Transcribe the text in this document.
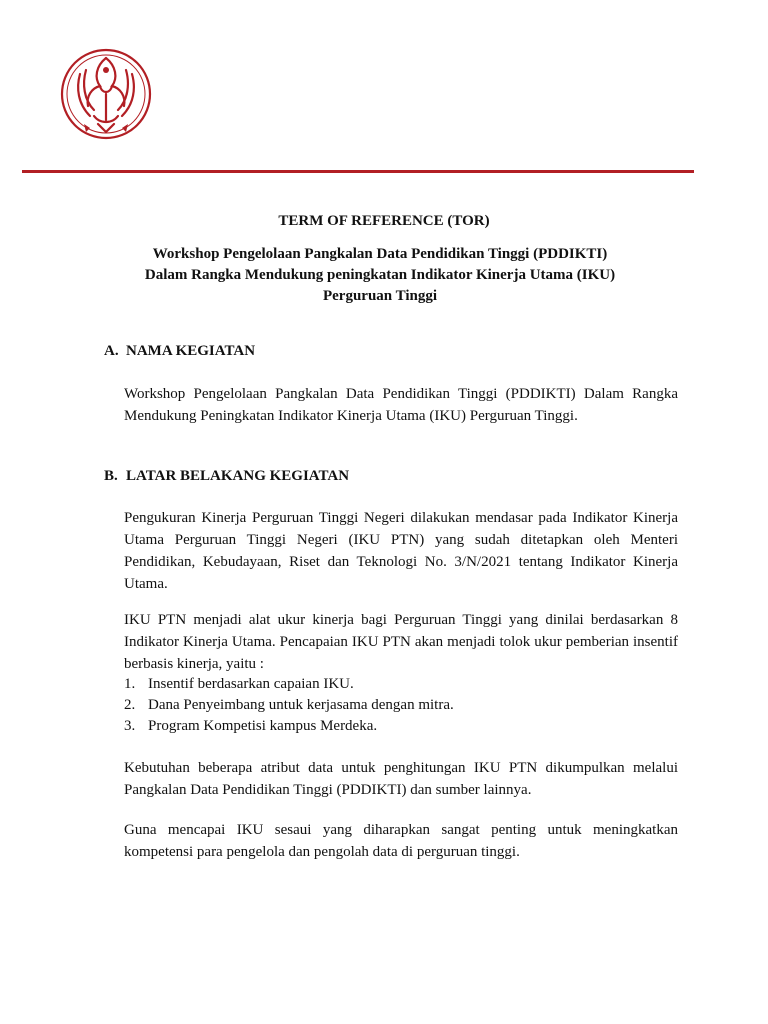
TERM OF REFERENCE (TOR)
Workshop Pengelolaan Pangkalan Data Pendidikan Tinggi (PDDIKTI)
Dalam Rangka Mendukung peningkatan Indikator Kinerja Utama (IKU)
Perguruan Tinggi
A. NAMA KEGIATAN

Workshop Pengelolaan Pangkalan Data Pendidikan Tinggi (PDDIKTI) Dalam Rangka Mendukung Peningkatan Indikator Kinerja Utama (IKU) Perguruan Tinggi.

B. LATAR BELAKANG KEGIATAN

Pengukuran Kinerja Perguruan Tinggi Negeri dilakukan mendasar pada Indikator Kinerja Utama Perguruan Tinggi Negeri (IKU PTN) yang sudah ditetapkan oleh Menteri Pendidikan, Kebudayaan, Riset dan Teknologi No. 3/N/2021 tentang Indikator Kinerja Utama.

IKU PTN menjadi alat ukur kinerja bagi Perguruan Tinggi yang dinilai berdasarkan 8 Indikator Kinerja Utama. Pencapaian IKU PTN akan menjadi tolok ukur pemberian insentif berbasis kinerja, yaitu :

1. Insentif berdasarkan capaian IKU.
2. Dana Penyeimbang untuk kerjasama dengan mitra.
3. Program Kompetisi kampus Merdeka.

Kebutuhan beberapa atribut data untuk penghitungan IKU PTN dikumpulkan melalui Pangkalan Data Pendidikan Tinggi (PDDIKTI) dan sumber lainnya.

Guna mencapai IKU sesaui yang diharapkan sangat penting untuk meningkatkan kompetensi para pengelola dan pengolah data di perguruan tinggi.
